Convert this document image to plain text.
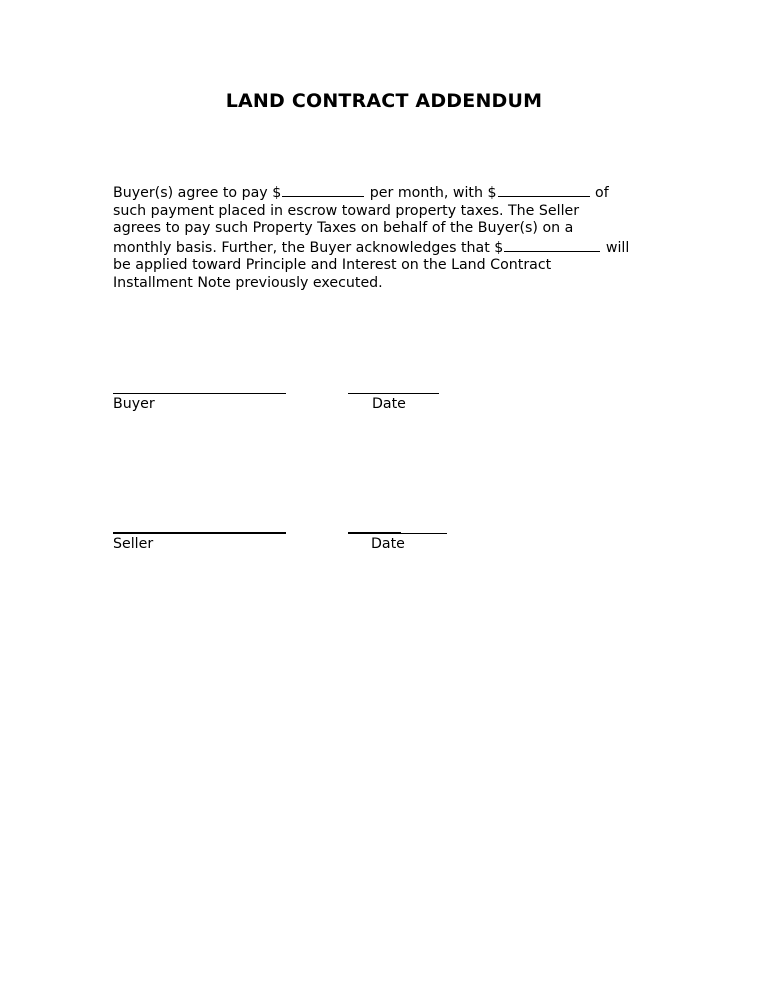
LAND CONTRACT ADDENDUM
Buyer(s) agree to pay $	per month, with $	of
such payment placed in escrow toward property taxes. The Seller
agrees to pay such Property Taxes on behalf of the Buyer(s) on a
monthly basis. Further, the Buyer acknowledges that $	will
be applied toward Principle and Interest on the Land Contract
Installment Note previously executed.

Buyer	Date

Seller	Date
